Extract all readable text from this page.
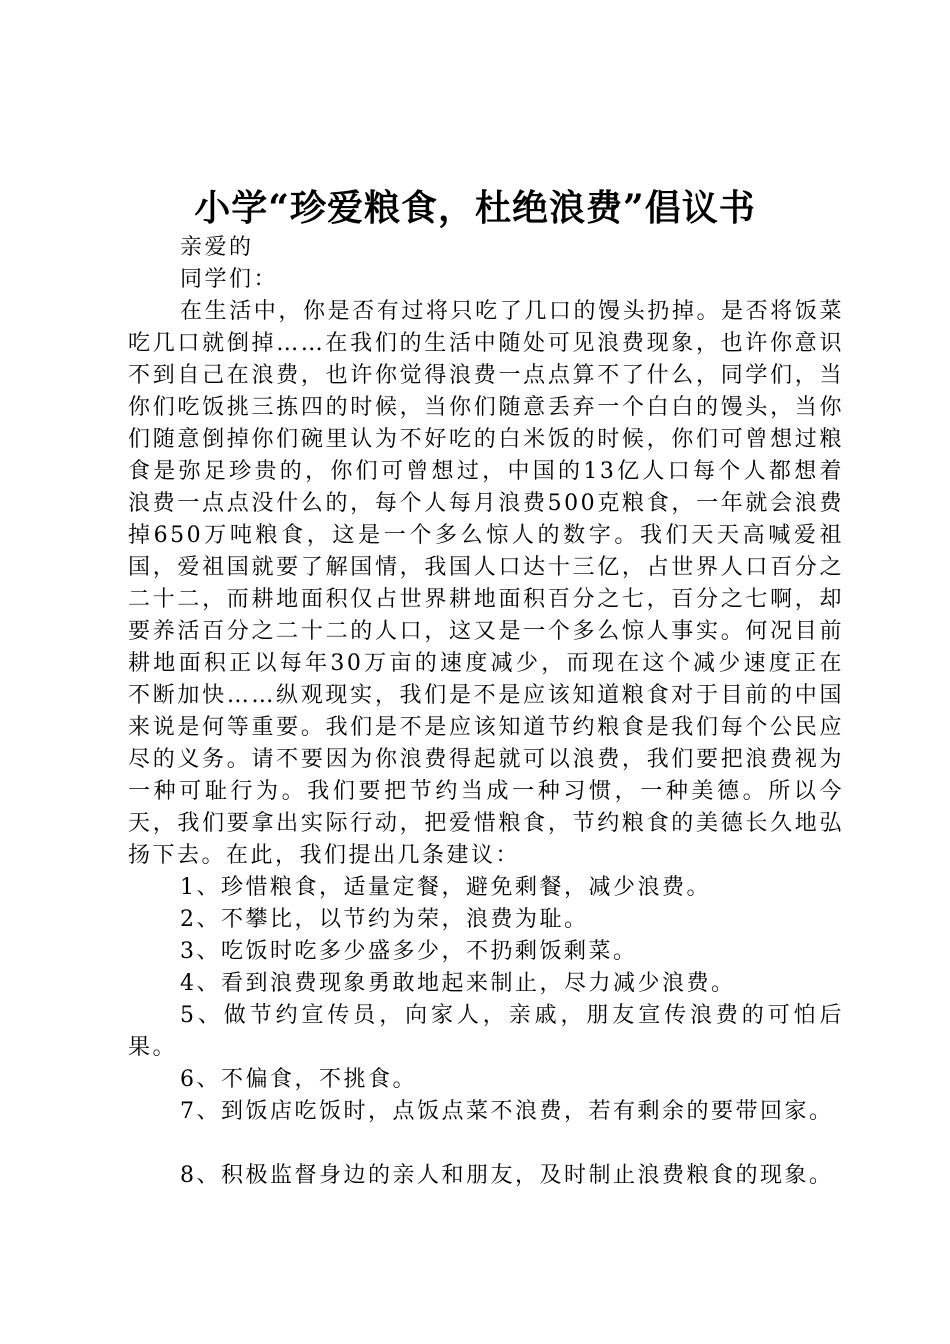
小学“珍爱粮食，杜绝浪费”倡议书

亲爱的

同学们：

在生活中，你是否有过将只吃了几口的馒头扔掉。是否将饭菜吃几口就倒掉……在我们的生活中随处可见浪费现象，也许你意识不到自己在浪费，也许你觉得浪费一点点算不了什么，同学们，当你们吃饭挑三拣四的时候，当你们随意丢弃一个白白的馒头，当你们随意倒掉你们碗里认为不好吃的白米饭的时候，你们可曾想过粮食是弥足珍贵的，你们可曾想过，中国的13亿人口每个人都想着浪费一点点没什么的，每个人每月浪费500克粮食，一年就会浪费掉650万吨粮食，这是一个多么惊人的数字。我们天天高喊爱祖国，爱祖国就要了解国情，我国人口达十三亿，占世界人口百分之二十二，而耕地面积仅占世界耕地面积百分之七，百分之七啊，却要养活百分之二十二的人口，这又是一个多么惊人事实。何况目前耕地面积正以每年30万亩的速度减少，而现在这个减少速度正在不断加快……纵观现实，我们是不是应该知道粮食对于目前的中国来说是何等重要。我们是不是应该知道节约粮食是我们每个公民应尽的义务。请不要因为你浪费得起就可以浪费，我们要把浪费视为一种可耻行为。我们要把节约当成一种习惯，一种美德。所以今天，我们要拿出实际行动，把爱惜粮食，节约粮食的美德长久地弘扬下去。在此，我们提出几条建议：

1、珍惜粮食，适量定餐，避免剩餐，减少浪费。

2、不攀比，以节约为荣，浪费为耻。

3、吃饭时吃多少盛多少，不扔剩饭剩菜。

4、看到浪费现象勇敢地起来制止，尽力减少浪费。

5、做节约宣传员，向家人，亲戚，朋友宣传浪费的可怕后果。

6、不偏食，不挑食。

7、到饭店吃饭时，点饭点菜不浪费，若有剩余的要带回家。

8、积极监督身边的亲人和朋友，及时制止浪费粮食的现象。
